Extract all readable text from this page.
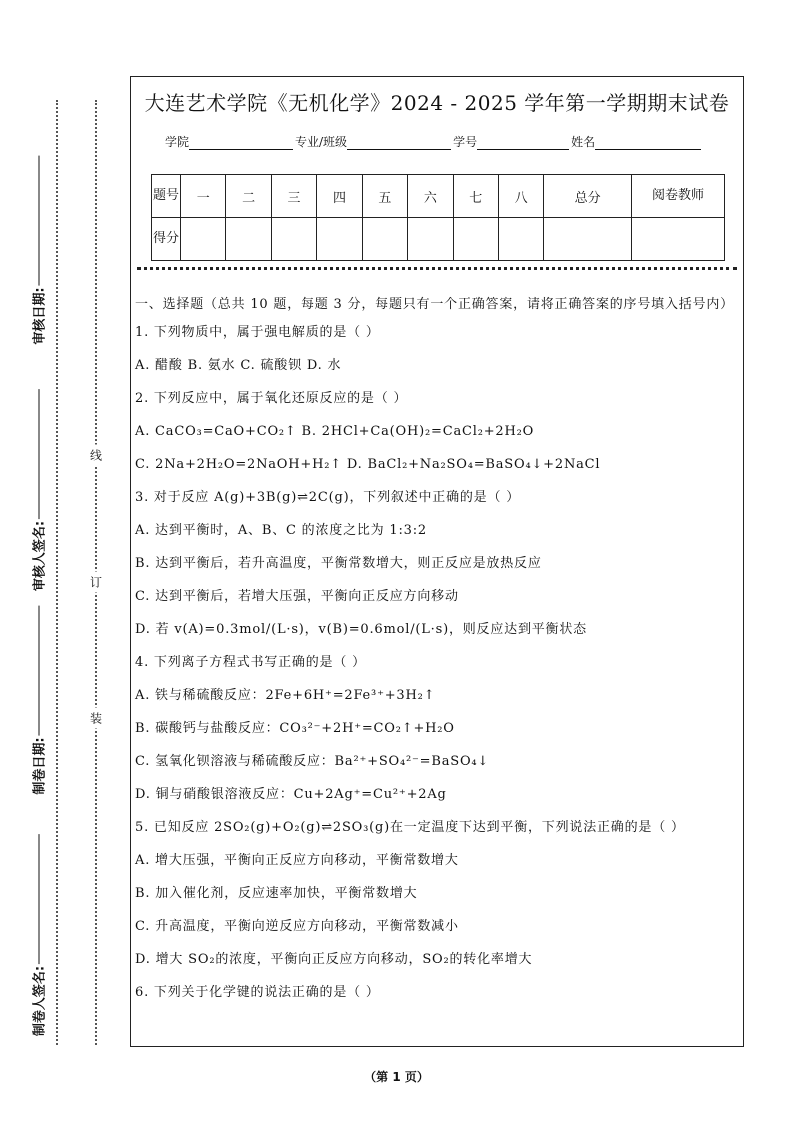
审核日期:
审核人签名:
制卷日期:
制卷人签名:
线
订
装
大连艺术学院《无机化学》2024 - 2025 学年第一学期期末试卷
学院	专业/班级	学号	姓名
题号	一	二	三	四	五	六	七	八	总分	阅卷教师
得分										
一、选择题（总共 10 题，每题 3 分，每题只有一个正确答案，请将正确答案的序号填入括号内）
1. 下列物质中，属于强电解质的是（ ）
A. 醋酸 B. 氨水 C. 硫酸钡 D. 水
2. 下列反应中，属于氧化还原反应的是（ ）
A. CaCO₃=CaO+CO₂↑ B. 2HCl+Ca(OH)₂=CaCl₂+2H₂O
C. 2Na+2H₂O=2NaOH+H₂↑ D. BaCl₂+Na₂SO₄=BaSO₄↓+2NaCl
3. 对于反应 A(g)+3B(g)⇌2C(g)，下列叙述中正确的是（ ）
A. 达到平衡时，A、B、C 的浓度之比为 1:3:2
B. 达到平衡后，若升高温度，平衡常数增大，则正反应是放热反应
C. 达到平衡后，若增大压强，平衡向正反应方向移动
D. 若 v(A)=0.3mol/(L·s)，v(B)=0.6mol/(L·s)，则反应达到平衡状态
4. 下列离子方程式书写正确的是（ ）
A. 铁与稀硫酸反应：2Fe+6H⁺=2Fe³⁺+3H₂↑
B. 碳酸钙与盐酸反应：CO₃²⁻+2H⁺=CO₂↑+H₂O
C. 氢氧化钡溶液与稀硫酸反应：Ba²⁺+SO₄²⁻=BaSO₄↓
D. 铜与硝酸银溶液反应：Cu+2Ag⁺=Cu²⁺+2Ag
5. 已知反应 2SO₂(g)+O₂(g)⇌2SO₃(g)在一定温度下达到平衡，下列说法正确的是（ ）
A. 增大压强，平衡向正反应方向移动，平衡常数增大
B. 加入催化剂，反应速率加快，平衡常数增大
C. 升高温度，平衡向逆反应方向移动，平衡常数减小
D. 增大 SO₂的浓度，平衡向正反应方向移动，SO₂的转化率增大
6. 下列关于化学键的说法正确的是（ ）
（第 1 页）
